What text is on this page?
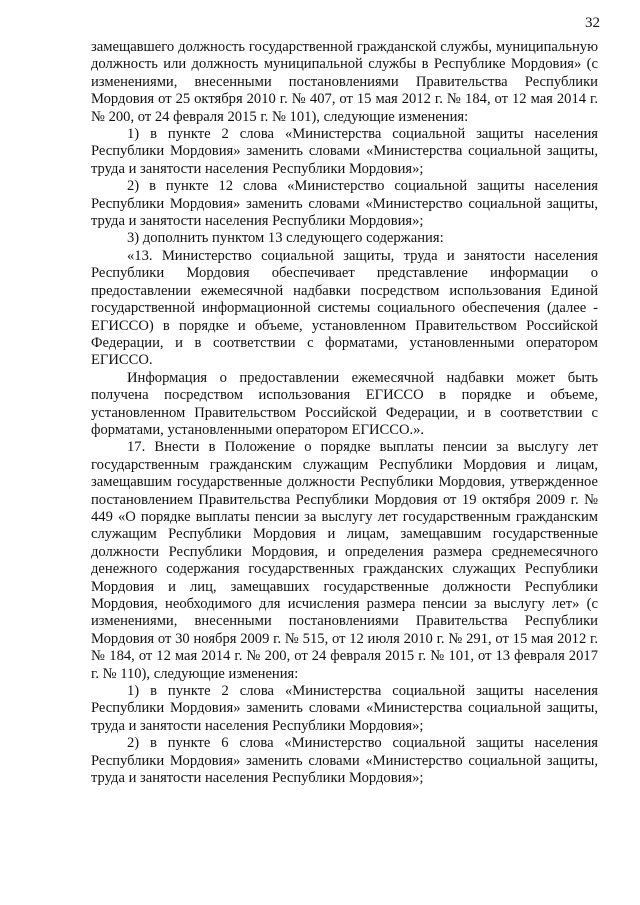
32

замещавшего должность государственной гражданской службы, муниципальную должность или должность муниципальной службы в Республике Мордовия» (с изменениями, внесенными постановлениями Правительства Республики Мордовия от 25 октября 2010 г. № 407, от 15 мая 2012 г. № 184, от 12 мая 2014 г. № 200, от 24 февраля 2015 г. № 101), следующие изменения:

1) в пункте 2 слова «Министерства социальной защиты населения Республики Мордовия» заменить словами «Министерства социальной защиты, труда и занятости населения Республики Мордовия»;

2) в пункте 12 слова «Министерство социальной защиты населения Республики Мордовия» заменить словами «Министерство социальной защиты, труда и занятости населения Республики Мордовия»;

3) дополнить пунктом 13 следующего содержания:

«13. Министерство социальной защиты, труда и занятости населения Республики Мордовия обеспечивает представление информации о предоставлении ежемесячной надбавки посредством использования Единой государственной информационной системы социального обеспечения (далее - ЕГИССО) в порядке и объеме, установленном Правительством Российской Федерации, и в соответствии с форматами, установленными оператором ЕГИССО.

Информация о предоставлении ежемесячной надбавки может быть получена посредством использования ЕГИССО в порядке и объеме, установленном Правительством Российской Федерации, и в соответствии с форматами, установленными оператором ЕГИССО.».

17. Внести в Положение о порядке выплаты пенсии за выслугу лет государственным гражданским служащим Республики Мордовия и лицам, замещавшим государственные должности Республики Мордовия, утвержденное постановлением Правительства Республики Мордовия от 19 октября 2009 г. № 449 «О порядке выплаты пенсии за выслугу лет государственным гражданским служащим Республики Мордовия и лицам, замещавшим государственные должности Республики Мордовия, и определения размера среднемесячного денежного содержания государственных гражданских служащих Республики Мордовия и лиц, замещавших государственные должности Республики Мордовия, необходимого для исчисления размера пенсии за выслугу лет» (с изменениями, внесенными постановлениями Правительства Республики Мордовия от 30 ноября 2009 г. № 515, от 12 июля 2010 г. № 291, от 15 мая 2012 г. № 184, от 12 мая 2014 г. № 200, от 24 февраля 2015 г. № 101, от 13 февраля 2017 г. № 110), следующие изменения:

1) в пункте 2 слова «Министерства социальной защиты населения Республики Мордовия» заменить словами «Министерства социальной защиты, труда и занятости населения Республики Мордовия»;

2) в пункте 6 слова «Министерство социальной защиты населения Республики Мордовия» заменить словами «Министерство социальной защиты, труда и занятости населения Республики Мордовия»;
